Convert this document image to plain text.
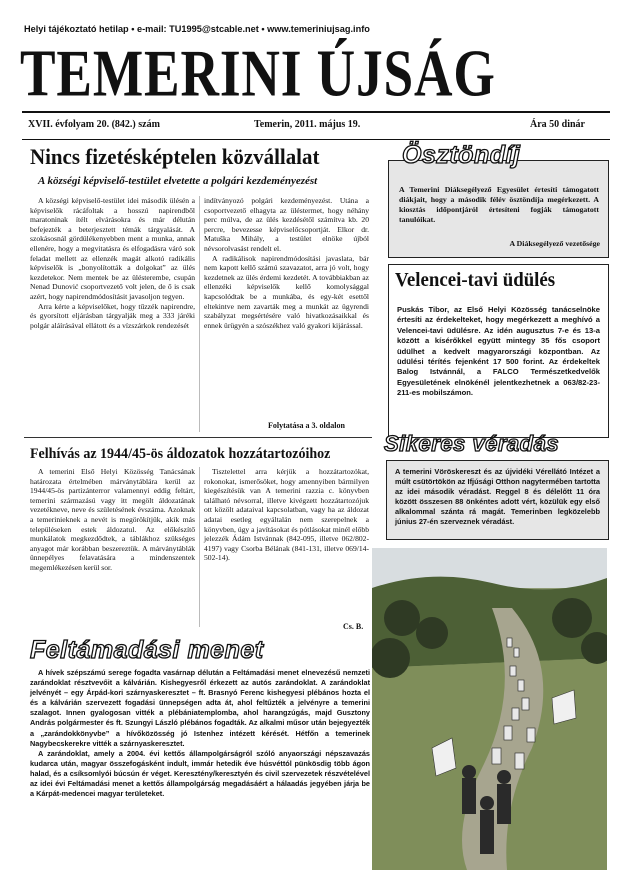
Helyi tájékoztató hetilap • e-mail: TU1995@stcable.net • www.temeriniujsag.info
TEMERINI ÚJSÁG
XVII. évfolyam 20. (842.) szám	Temerin, 2011. május 19.	Ára 50 dinár
Nincs fizetésképtelen közvállalat
A községi képviselő-testület elvetette a polgári kezdeményezést

A községi képviselő-testület idei második ülésén a képviselők rácáfoltak a hosszú napirendből maratoninak ítélt elvárásokra és már délután befejezték a beterjesztett témák tárgyalását. A szokásosnál gördülékenyebben ment a munka, annak ellenére, hogy a megvitatásra és elfogadásra váró sok feladat mellett az ellenzék magát alkotó radikális képviselők is „bonyolították a dolgokat” az ülés kezdetekor. Nem mentek be az ülésterembe, csupán Nenad Dunović csoportvezető volt jelen, de ő is csak azért, hogy napirendmódosításit javasoljon tegyen.

Arra kérte a képviselőket, hogy tűzzék napirendre, és gyorsított eljárásban tárgyalják meg a 333 járéki polgár aláírásával ellátott és a vízszárkok rendezését

indítványozó polgári kezdeményezést. Utána a csoportvezető elhagyta az üléstermet, hogy néhány perc múlva, de az ülés kezdésétől számítva kb. 20 percre, bevezesse képviselőcsoportját. Elkor dr. Matuška Mihály, a testület elnöke újból névsorolvasást rendelt el.

A radikálisok napirendmódosítási javaslata, bár nem kapott kellő számú szavazatot, arra jó volt, hogy kezdetnek az ülés érdemi kezdetét. A továbbiakban az ellenzéki képviselők kellő komolysággal kapcsolódtak be a munkába, és egy-két esettől eltekintve nem zavarták meg a munkát az ügyrendi szabályzat megsértésére való hivatkozásaikkal és ennek ürügyén a szószékhez való gyakori kijárással.

Folytatása a 3. oldalon
Felhívás az 1944/45-ös áldozatok hozzátartozóihoz

A temerini Első Helyi Közösség Tanácsának határozata értelmében márványtáblára kerül az 1944/45-ös partizánterror valamennyi eddig feltárt, temerini származású vagy itt megölt áldozatának vezetékneve, neve és születésének évszáma. Azoknak a temerinieknek a nevét is megörökítjük, akik más településeken estek áldozatul. Az előkészítő munkálatok megkezdődtek, a táblákhoz szükséges anyagot már korábban beszereztük. A márványtáblák ünnepélyes felavatására a mindenszentek megemlékezésen kerül sor.

Tisztelettel arra kérjük a hozzátartozókat, rokonokat, ismerősöket, hogy amennyiben bármilyen kiegészítésük van A temerini razzia c. könyvben található névsorral, illetve kivégzett hozzátartozójuk ott közölt adataival kapcsolatban, vagy ha az áldozat adatai esetleg egyáltalán nem szerepelnek a könyvben, úgy a javításokat és pótlásokat minél előbb jelezzék Ádám Istvánnak (842-095, illetve 062/802-4197) vagy Csorba Bélának (841-131, illetve 069/14-502-14).

Cs. B.
A Temerini Diáksegélyező Egyesület értesíti támogatott diákjait, hogy a második félév ösztöndíja megérkezett. A kiosztás időpontjáról értesíteni fogják támogatott tanulóikat.
A Diáksegélyező vezetősége
Ösztöndíj
Velencei-tavi üdülés
Puskás Tibor, az Első Helyi Közösség tanácselnöke értesíti az érdekelteket, hogy megérkezett a meghívó a Velencei-tavi üdülésre. Az idén augusztus 7-e és 13-a között a kísérőkkel együtt mintegy 35 fős csoport üdülhet a kedvelt magyarországi központban. Az üdülési térítés fejenként 17 500 forint. Az érdekeltek Balog Istvánnál, a FALCO Természetkedvelők Egyesületének elnökénél jelentkezhetnek a 063/82-23-211-es mobilszámon.
A temerini Vöröskereszt és az újvidéki Vérellátó Intézet a múlt csütörtökön az Ifjúsági Otthon nagytermében tartotta az idei második véradást. Reggel 8 és délelőtt 11 óra között összesen 88 önkéntes adott vért, közülük egy első alkalommal szánta rá magát. Temerinben legközelebb június 27-én szerveznek véradást.
Sikeres véradás
Feltámadási menet

A hívek szépszámú serege fogadta vasárnap délután a Feltámadási menet elnevezésű nemzeti zarándoklat résztvevőit a kálvárián. Kishegyesről érkezett az autós zarándoklat. A zarándoklat jelvényét – egy Árpád-kori szárnyaskeresztet – ft. Brasnyó Ferenc kishegyesi plébános hozta el és a kálvárián szervezett fogadási ünnepségen adta át, ahol feltűzték a jelvényre a temerini szalagot. Innen gyalogosan vitték a plébániatemplomba, ahol harangzúgás, majd Gusztony András polgármester és ft. Szungyi László plébános fogadták. Az alkalmi műsor után bejegyezték a „zarándokkönyvbe” a hívőközösség jó Istenhez intézett kérését. Hétfőn a temerinek Nagybecskerekre vitték a szárnyaskeresztet.

A zarándoklat, amely a 2004. évi kettős állampolgárságról szóló anyaországi népszavazás kudarca után, magyar összefogásként indult, immár hetedik éve húsvéttól pünkösdig több ágon halad, és a csíksomlyói búcsún ér véget. Keresztény/keresztyén és civil szervezetek részvételével az idei évi Feltámadási menet a kettős állampolgárság megadásáért a hálaadás jegyében járja be a Kárpát-medencei magyar területeket.
